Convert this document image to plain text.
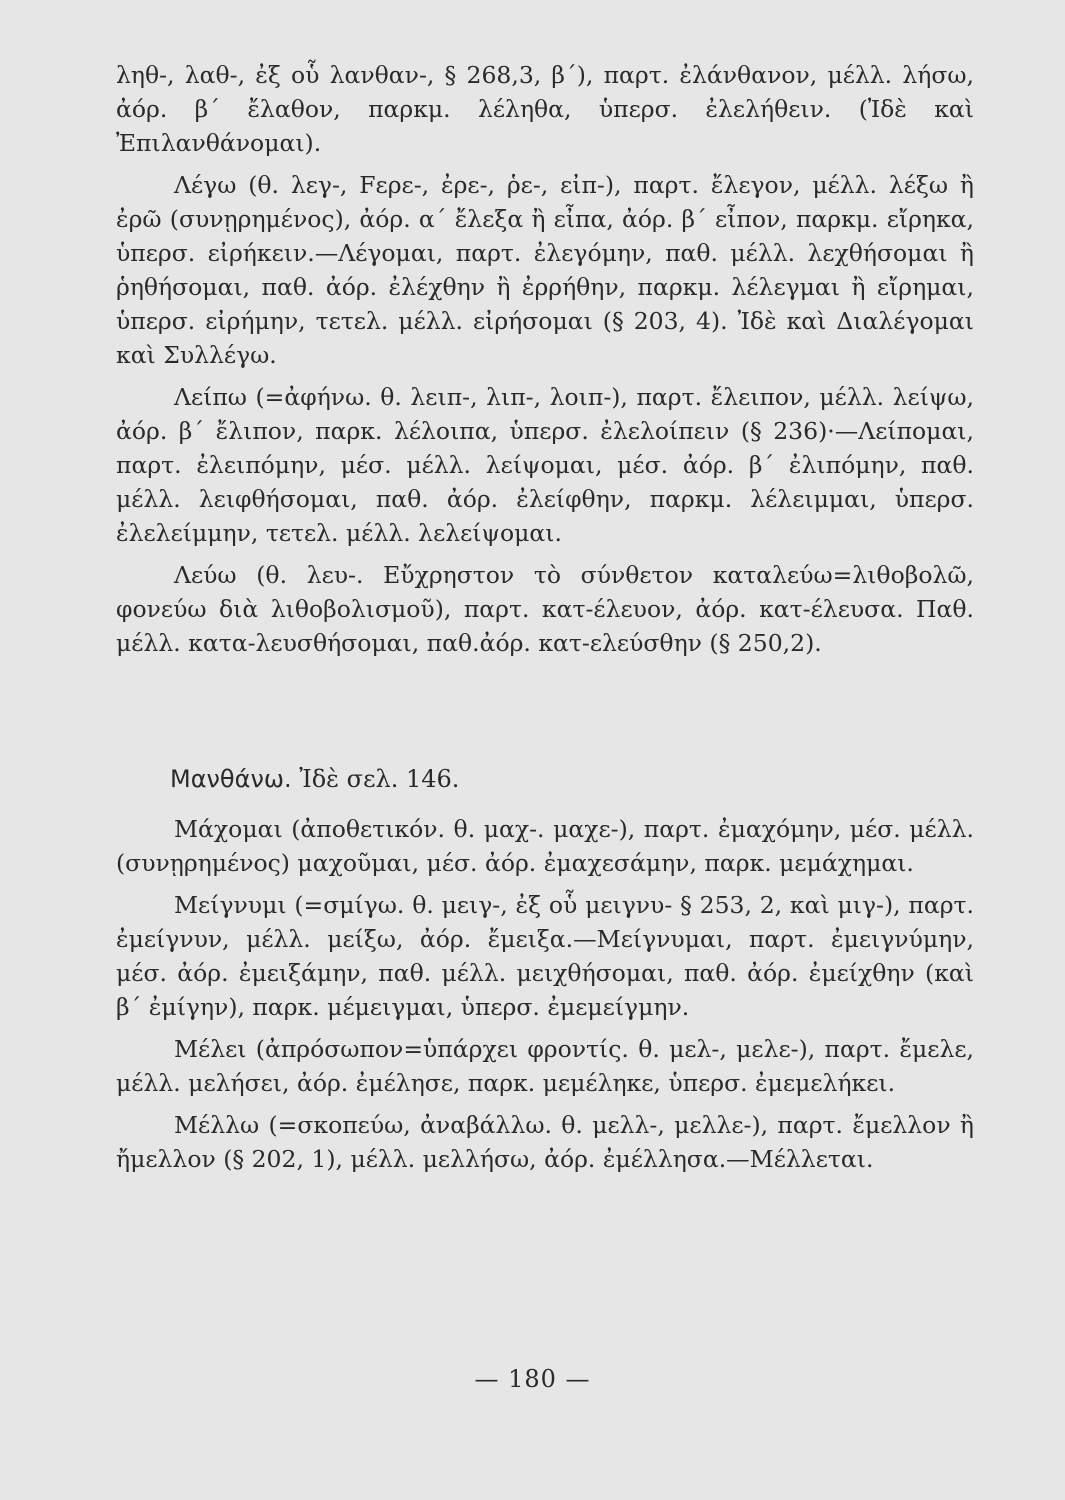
ληθ-, λαθ-, ἐξ οὗ λανθαν-, § 268,3, β΄), παρτ. ἐλάνθανον, μέλλ. λήσω, ἀόρ. β΄ ἔλαθον, παρκμ. λέληθα, ὑπερσ. ἐλελήθειν. (Ἰδὲ καὶ Ἐπιλανθάνομαι).

Λέγω (θ. λεγ-, Fερε-, ἐρε-, ῥε-, εἰπ-), παρτ. ἔλεγον, μέλλ. λέξω ἢ ἐρῶ (συνῃρημένος), ἀόρ. α΄ ἔλεξα ἢ εἶπα, ἀόρ. β΄ εἶπον, παρκμ. εἴρηκα, ὑπερσ. εἰρήκειν.—Λέγομαι, παρτ. ἐλεγόμην, παθ. μέλλ. λεχθήσομαι ἢ ῥηθήσομαι, παθ. ἀόρ. ἐλέχθην ἢ ἐρρήθην, παρκμ. λέλεγμαι ἢ εἴρημαι, ὑπερσ. εἰρήμην, τετελ. μέλλ. εἰρήσομαι (§ 203, 4). Ἰδὲ καὶ Διαλέγομαι καὶ Συλλέγω.

Λείπω (=ἀφήνω. θ. λειπ-, λιπ-, λοιπ-), παρτ. ἔλειπον, μέλλ. λείψω, ἀόρ. β΄ ἔλιπον, παρκ. λέλοιπα, ὑπερσ. ἐλελοίπειν (§ 236)·—Λείπομαι, παρτ. ἐλειπόμην, μέσ. μέλλ. λείψομαι, μέσ. ἀόρ. β΄ ἐλιπόμην, παθ. μέλλ. λειφθήσομαι, παθ. ἀόρ. ἐλείφθην, παρκμ. λέλειμμαι, ὑπερσ. ἐλελείμμην, τετελ. μέλλ. λελείψομαι.

Λεύω (θ. λευ-. Εὔχρηστον τὸ σύνθετον καταλεύω=λιθοβολῶ, φονεύω διὰ λιθοβολισμοῦ), παρτ. κατ-έλευον, ἀόρ. κατ-έλευσα. Παθ. μέλλ. κατα-λευσθήσομαι, παθ.ἀόρ. κατ-ελεύσθην (§ 250,2).

Μανθάνω. Ἰδὲ σελ. 146.

Μάχομαι (ἀποθετικόν. θ. μαχ-. μαχε-), παρτ. ἐμαχόμην, μέσ. μέλλ. (συνῃρημένος) μαχοῦμαι, μέσ. ἀόρ. ἐμαχεσάμην, παρκ. μεμάχημαι.

Μείγνυμι (=σμίγω. θ. μειγ-, ἐξ οὗ μειγνυ- § 253, 2, καὶ μιγ-), παρτ. ἐμείγνυν, μέλλ. μείξω, ἀόρ. ἔμειξα.—Μείγνυμαι, παρτ. ἐμειγνύμην, μέσ. ἀόρ. ἐμειξάμην, παθ. μέλλ. μειχθήσομαι, παθ. ἀόρ. ἐμείχθην (καὶ β΄ ἐμίγην), παρκ. μέμειγμαι, ὑπερσ. ἐμεμείγμην.

Μέλει (ἀπρόσωπον=ὑπάρχει φροντίς. θ. μελ-, μελε-), παρτ. ἔμελε, μέλλ. μελήσει, ἀόρ. ἐμέλησε, παρκ. μεμέληκε, ὑπερσ. ἐμεμελήκει.

Μέλλω (=σκοπεύω, ἀναβάλλω. θ. μελλ-, μελλε-), παρτ. ἔμελλον ἢ ἤμελλον (§ 202, 1), μέλλ. μελλήσω, ἀόρ. ἐμέλλησα.—Μέλλεται.

— 180 —
